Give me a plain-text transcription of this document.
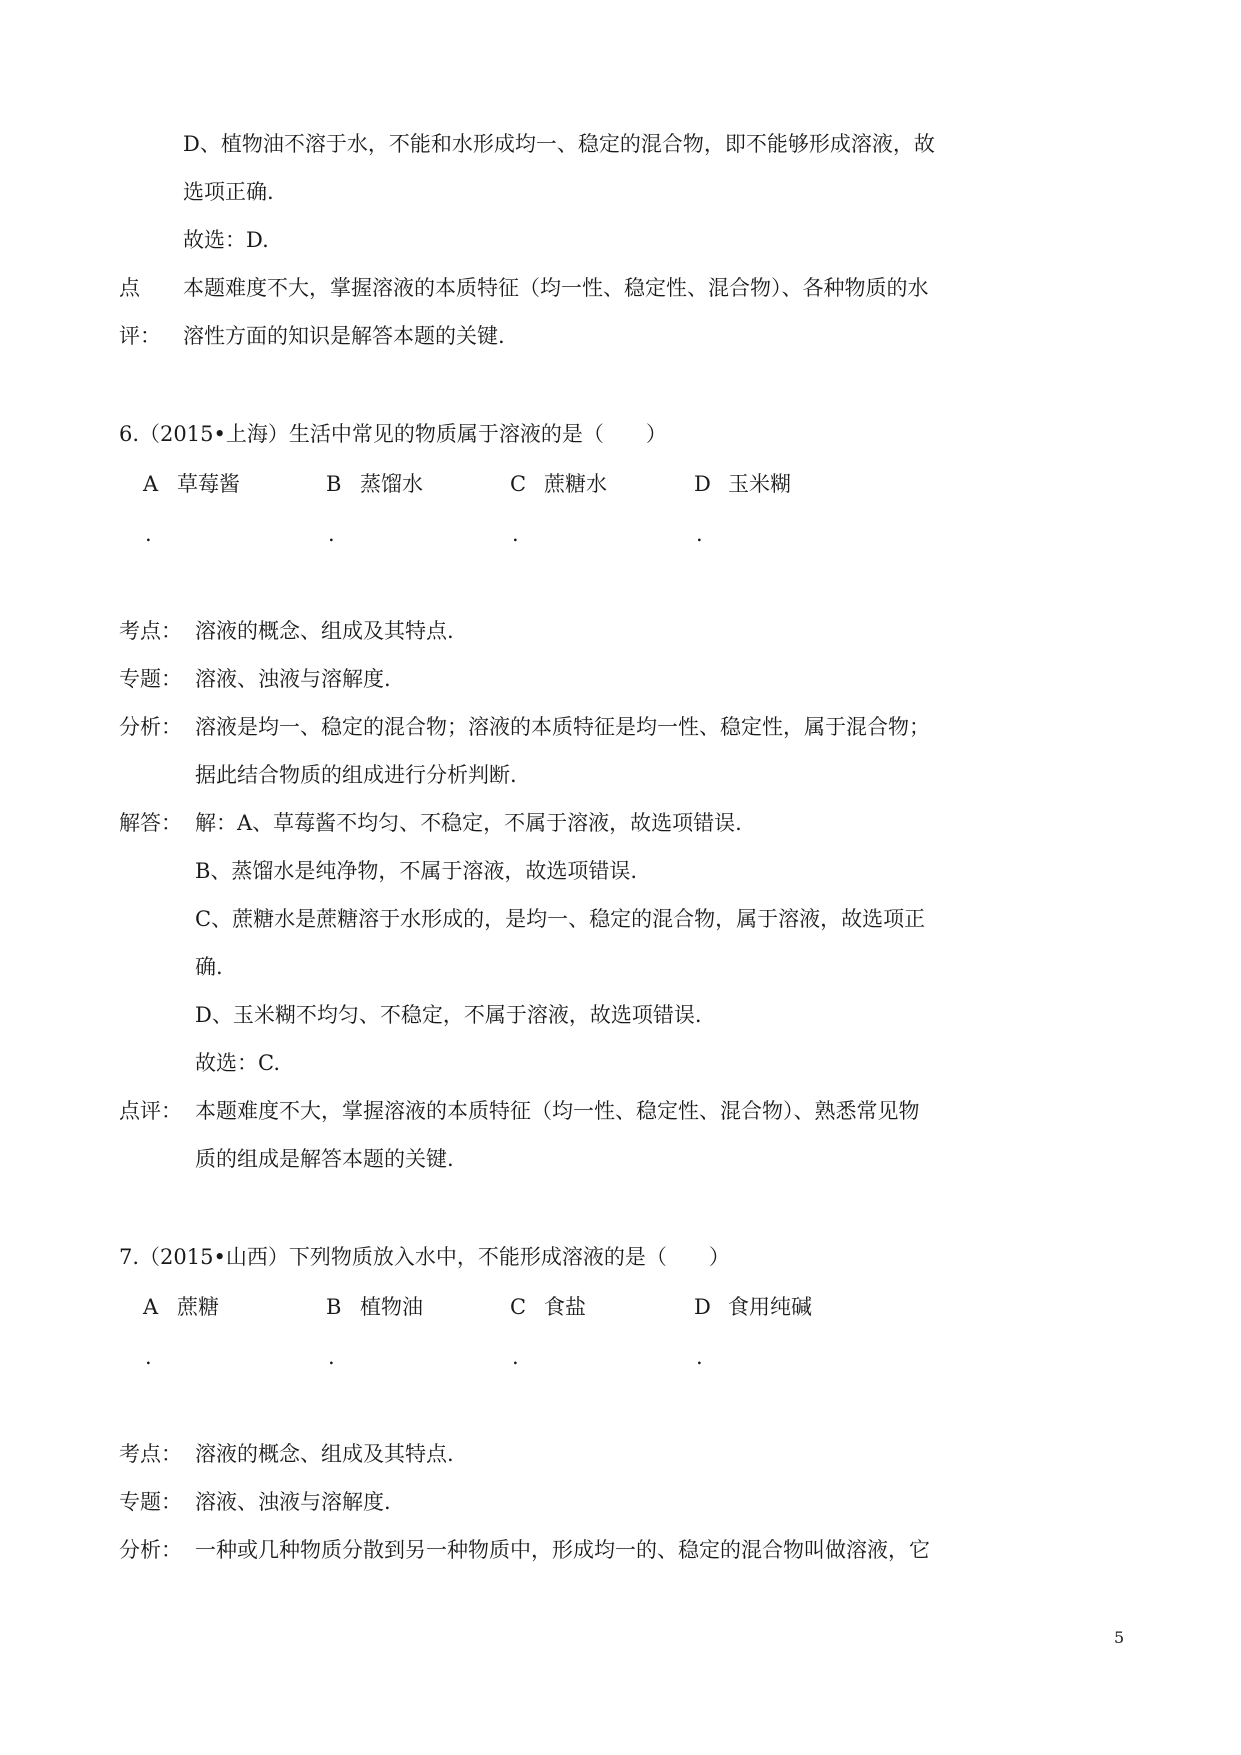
D、植物油不溶于水，不能和水形成均一、稳定的混合物，即不能够形成溶液，故
选项正确.
故选：D.
点 本题难度不大，掌握溶液的本质特征（均一性、稳定性、混合物）、各种物质的水
评： 溶性方面的知识是解答本题的关键.
6.（2015•上海）生活中常见的物质属于溶液的是（　　）
A 草莓酱	B 蒸馏水	C 蔗糖水	D 玉米糊
.	.	.	.
考点： 溶液的概念、组成及其特点.
专题： 溶液、浊液与溶解度.
分析： 溶液是均一、稳定的混合物；溶液的本质特征是均一性、稳定性，属于混合物；
据此结合物质的组成进行分析判断.
解答： 解：A、草莓酱不均匀、不稳定，不属于溶液，故选项错误.
B、蒸馏水是纯净物，不属于溶液，故选项错误.
C、蔗糖水是蔗糖溶于水形成的，是均一、稳定的混合物，属于溶液，故选项正
确.
D、玉米糊不均匀、不稳定，不属于溶液，故选项错误.
故选：C.
点评： 本题难度不大，掌握溶液的本质特征（均一性、稳定性、混合物）、熟悉常见物
质的组成是解答本题的关键.
7.（2015•山西）下列物质放入水中，不能形成溶液的是（　　）
A 蔗糖	B 植物油	C 食盐	D 食用纯碱
.	.	.	.
考点： 溶液的概念、组成及其特点.
专题： 溶液、浊液与溶解度.
分析： 一种或几种物质分散到另一种物质中，形成均一的、稳定的混合物叫做溶液，它
5
